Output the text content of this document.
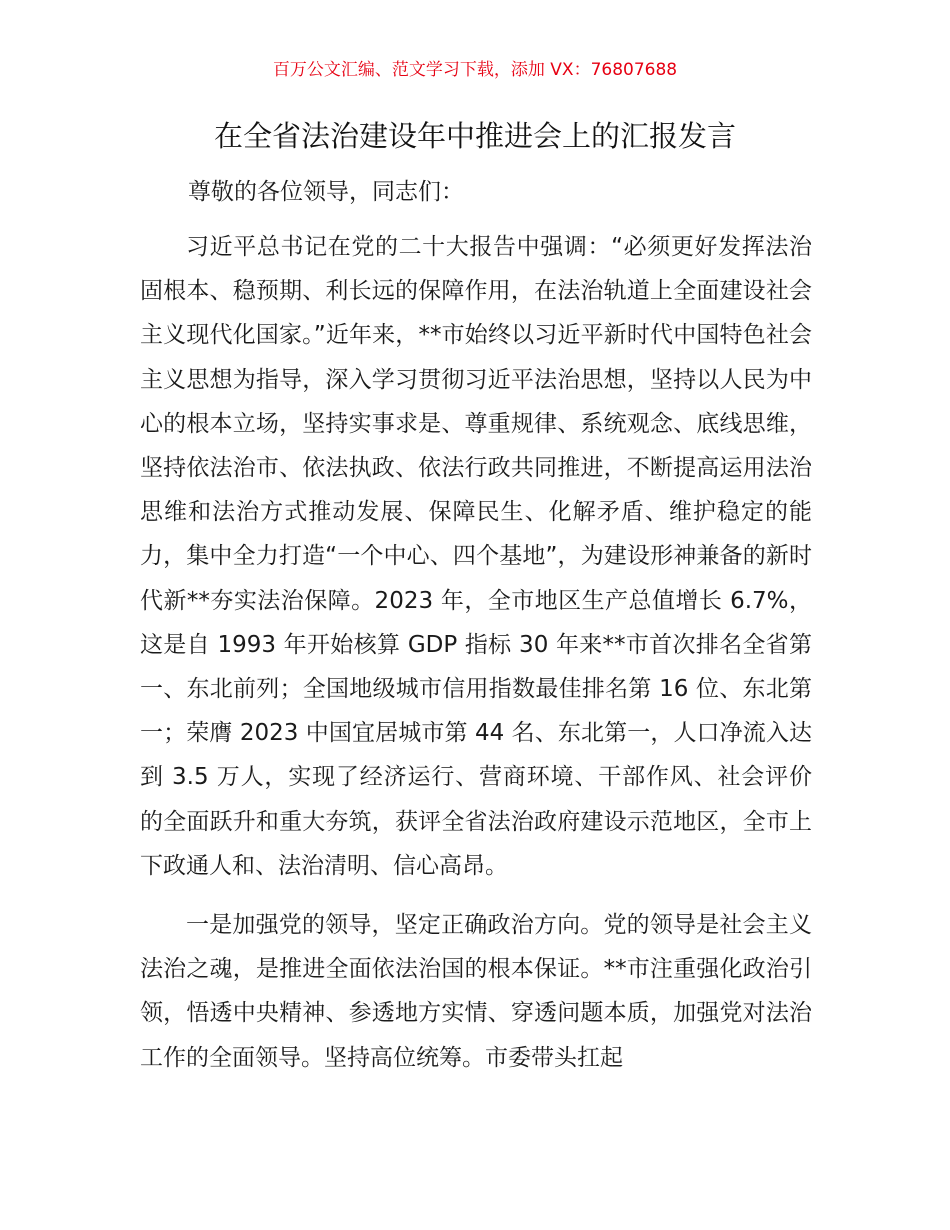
百万公文汇编、范文学习下载，添加 VX：76807688
在全省法治建设年中推进会上的汇报发言

尊敬的各位领导，同志们：

习近平总书记在党的二十大报告中强调：“必须更好发挥法治固根本、稳预期、利长远的保障作用，在法治轨道上全面建设社会主义现代化国家。”近年来，**市始终以习近平新时代中国特色社会主义思想为指导，深入学习贯彻习近平法治思想，坚持以人民为中心的根本立场，坚持实事求是、尊重规律、系统观念、底线思维，坚持依法治市、依法执政、依法行政共同推进，不断提高运用法治思维和法治方式推动发展、保障民生、化解矛盾、维护稳定的能力，集中全力打造“一个中心、四个基地”，为建设形神兼备的新时代新**夯实法治保障。2023 年，全市地区生产总值增长 6.7%，这是自 1993 年开始核算 GDP 指标 30 年来**市首次排名全省第一、东北前列；全国地级城市信用指数最佳排名第 16 位、东北第一；荣膺 2023 中国宜居城市第 44 名、东北第一，人口净流入达到 3.5 万人，实现了经济运行、营商环境、干部作风、社会评价的全面跃升和重大夯筑，获评全省法治政府建设示范地区，全市上下政通人和、法治清明、信心高昂。

一是加强党的领导，坚定正确政治方向。党的领导是社会主义法治之魂，是推进全面依法治国的根本保证。**市注重强化政治引领，悟透中央精神、参透地方实情、穿透问题本质，加强党对法治工作的全面领导。坚持高位统筹。市委带头扛起
